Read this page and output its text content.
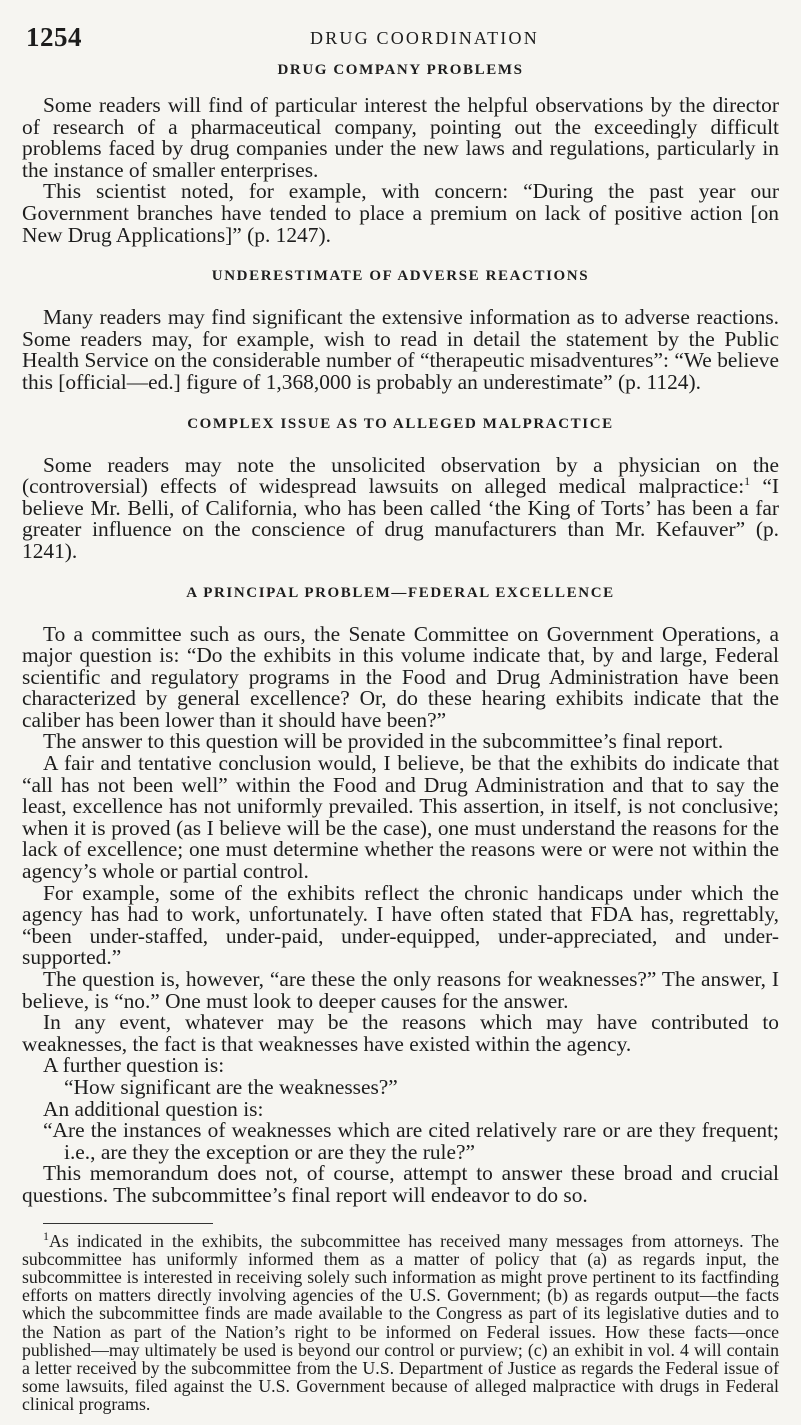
1254	DRUG COORDINATION
DRUG COMPANY PROBLEMS

Some readers will find of particular interest the helpful observations by the director of research of a pharmaceutical company, pointing out the exceedingly difficult problems faced by drug companies under the new laws and regulations, particularly in the instance of smaller enterprises.

This scientist noted, for example, with concern: “During the past year our Government branches have tended to place a premium on lack of positive action [on New Drug Applications]” (p. 1247).

UNDERESTIMATE OF ADVERSE REACTIONS

Many readers may find significant the extensive information as to adverse reactions. Some readers may, for example, wish to read in detail the statement by the Public Health Service on the considerable number of “therapeutic misadventures”: “We believe this [official—ed.] figure of 1,368,000 is probably an underestimate” (p. 1124).

COMPLEX ISSUE AS TO ALLEGED MALPRACTICE

Some readers may note the unsolicited observation by a physician on the (controversial) effects of widespread lawsuits on alleged medical malpractice:$^1$ “I believe Mr. Belli, of California, who has been called ‘the King of Torts’ has been a far greater influence on the conscience of drug manufacturers than Mr. Kefauver” (p. 1241).

A PRINCIPAL PROBLEM—FEDERAL EXCELLENCE

To a committee such as ours, the Senate Committee on Government Operations, a major question is: “Do the exhibits in this volume indicate that, by and large, Federal scientific and regulatory programs in the Food and Drug Administration have been characterized by general excellence? Or, do these hearing exhibits indicate that the caliber has been lower than it should have been?”

The answer to this question will be provided in the subcommittee’s final report.

A fair and tentative conclusion would, I believe, be that the exhibits do indicate that “all has not been well” within the Food and Drug Administration and that to say the least, excellence has not uniformly prevailed. This assertion, in itself, is not conclusive; when it is proved (as I believe will be the case), one must understand the reasons for the lack of excellence; one must determine whether the reasons were or were not within the agency’s whole or partial control.

For example, some of the exhibits reflect the chronic handicaps under which the agency has had to work, unfortunately. I have often stated that FDA has, regrettably, “been under-staffed, under-paid, under-equipped, under-appreciated, and under-supported.”

The question is, however, “are these the only reasons for weaknesses?” The answer, I believe, is “no.” One must look to deeper causes for the answer.

In any event, whatever may be the reasons which may have contributed to weaknesses, the fact is that weaknesses have existed within the agency.

A further question is:

“How significant are the weaknesses?”

An additional question is:

“Are the instances of weaknesses which are cited relatively rare or are they frequent; i.e., are they the exception or are they the rule?”

This memorandum does not, of course, attempt to answer these broad and crucial questions. The subcommittee’s final report will endeavor to do so.

$^1$As indicated in the exhibits, the subcommittee has received many messages from attorneys. The subcommittee has uniformly informed them as a matter of policy that (a) as regards input, the subcommittee is interested in receiving solely such information as might prove pertinent to its factfinding efforts on matters directly involving agencies of the U.S. Government; (b) as regards output—the facts which the subcommittee finds are made available to the Congress as part of its legislative duties and to the Nation as part of the Nation’s right to be informed on Federal issues. How these facts—once published—may ultimately be used is beyond our control or purview; (c) an exhibit in vol. 4 will contain a letter received by the subcommittee from the U.S. Department of Justice as regards the Federal issue of some lawsuits, filed against the U.S. Government because of alleged malpractice with drugs in Federal clinical programs.
